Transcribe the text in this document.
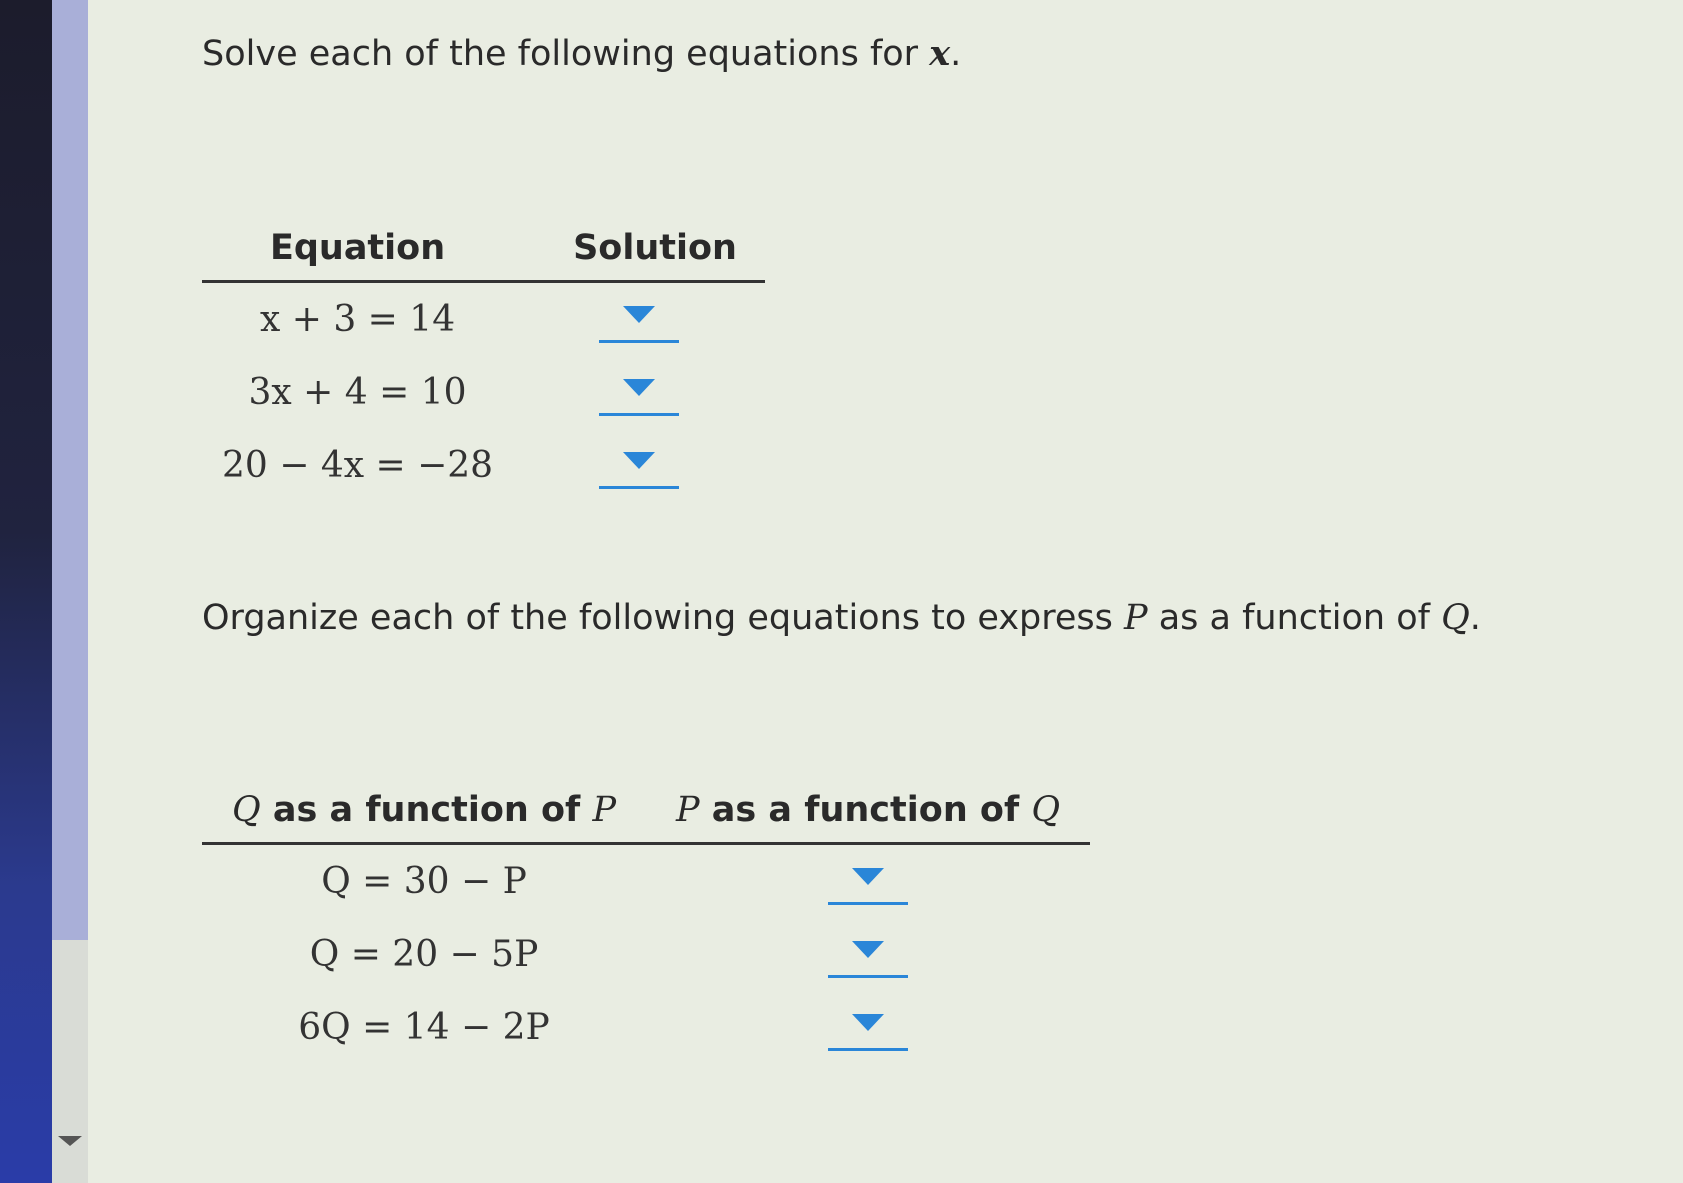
Solve each of the following equations for x.
Equation	Solution
x + 3 = 14	
3x + 4 = 10	
20 − 4x = −28	
Organize each of the following equations to express P as a function of Q.
Q as a function of P	P as a function of Q
Q = 30 − P	
Q = 20 − 5P	
6Q = 14 − 2P	
